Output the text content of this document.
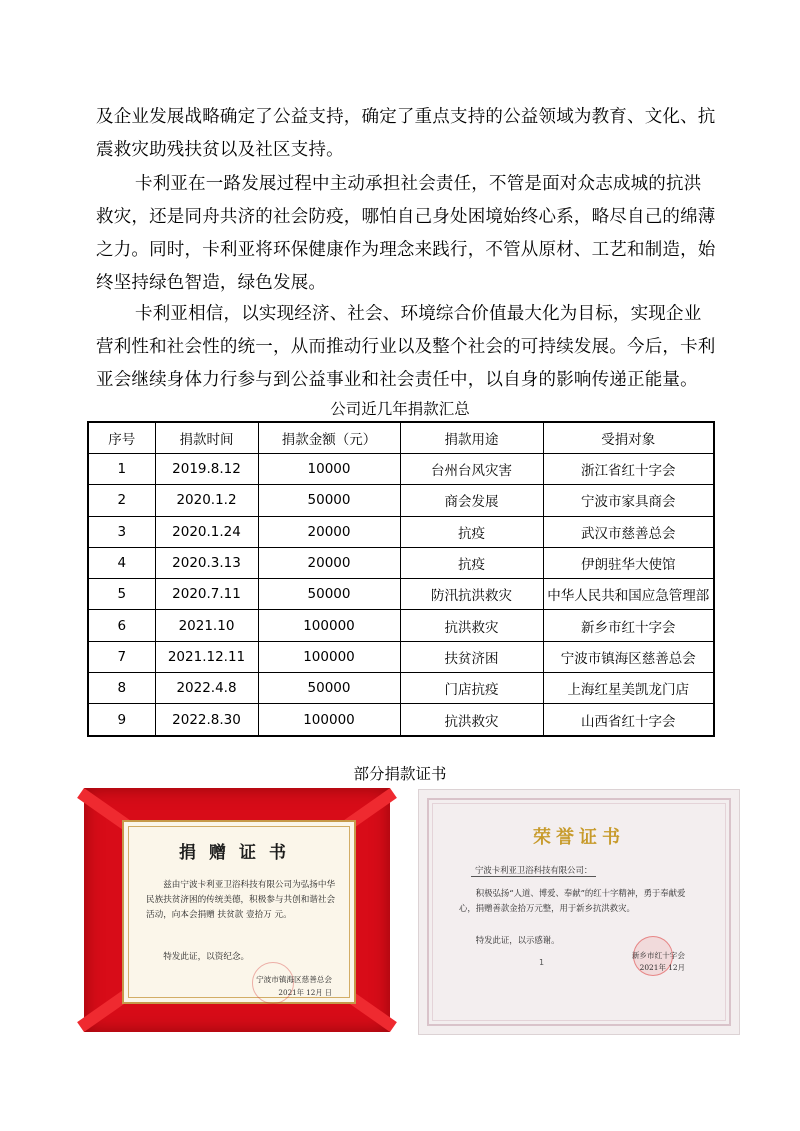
及企业发展战略确定了公益支持，确定了重点支持的公益领域为教育、文化、抗震救灾助残扶贫以及社区支持。

卡利亚在一路发展过程中主动承担社会责任，不管是面对众志成城的抗洪救灾，还是同舟共济的社会防疫，哪怕自己身处困境始终心系，略尽自己的绵薄之力。同时，卡利亚将环保健康作为理念来践行，不管从原材、工艺和制造，始终坚持绿色智造，绿色发展。

卡利亚相信，以实现经济、社会、环境综合价值最大化为目标，实现企业营利性和社会性的统一，从而推动行业以及整个社会的可持续发展。今后，卡利亚会继续身体力行参与到公益事业和社会责任中，以自身的影响传递正能量。

公司近几年捐款汇总
序号	捐款时间	捐款金额（元）	捐款用途	受捐对象
1	2019.8.12	10000	台州台风灾害	浙江省红十字会
2	2020.1.2	50000	商会发展	宁波市家具商会
3	2020.1.24	20000	抗疫	武汉市慈善总会
4	2020.3.13	20000	抗疫	伊朗驻华大使馆
5	2020.7.11	50000	防汛抗洪救灾	中华人民共和国应急管理部
6	2021.10	100000	抗洪救灾	新乡市红十字会
7	2021.12.11	100000	扶贫济困	宁波市镇海区慈善总会
8	2022.4.8	50000	门店抗疫	上海红星美凯龙门店
9	2022.8.30	100000	抗洪救灾	山西省红十字会
部分捐款证书
捐赠证书
兹由宁波卡利亚卫浴科技有限公司为弘扬中华民族扶贫济困的传统美德，积极参与共创和谐社会活动，向本会捐赠 扶贫款 壹拾万 元。
特发此证，以资纪念。
宁波市镇海区慈善总会
2021年 12月 日
荣誉证书
宁波卡利亚卫浴科技有限公司：
积极弘扬“人道、博爱、奉献”的红十字精神，勇于奉献爱心，捐赠善款金拾万元整，用于新乡抗洪救灾。
特发此证，以示感谢。
1
新乡市红十字会
2021年 12月
